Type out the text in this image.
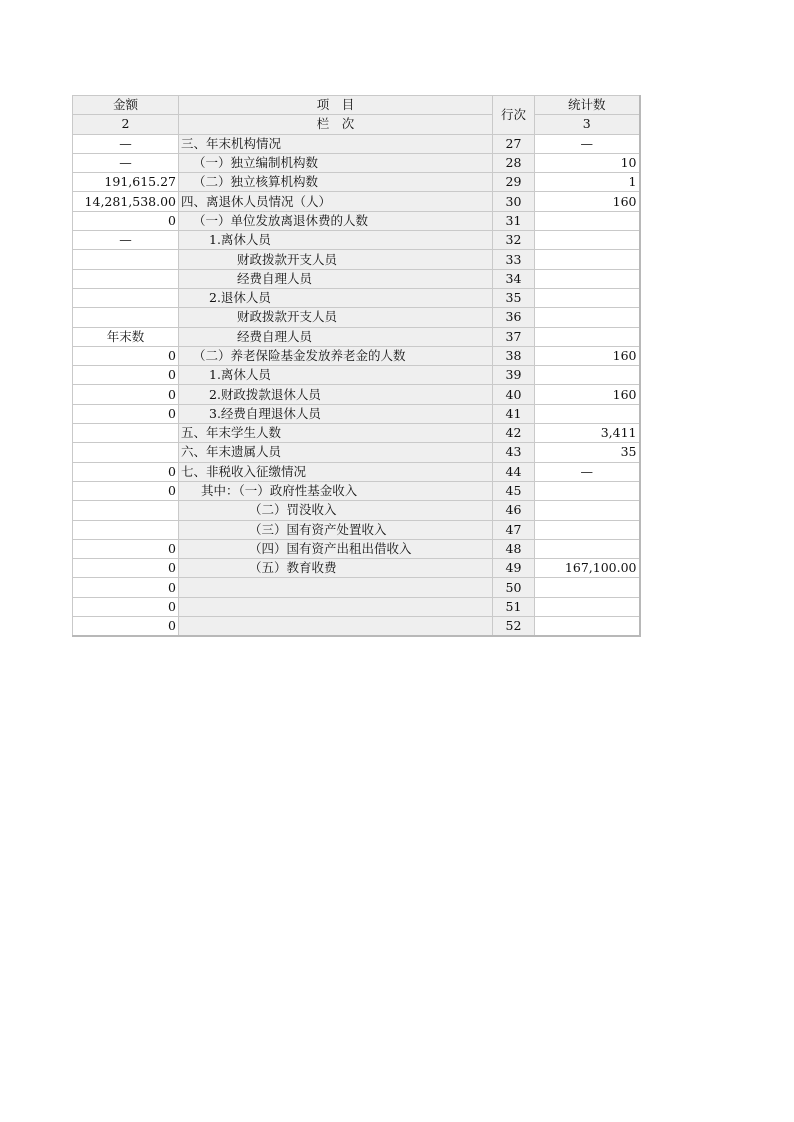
金额	项　目	行次	统计数
2	栏　次		3
—	三、年末机构情况	27	—
—	（一）独立编制机构数	28	10
191,615.27	（二）独立核算机构数	29	1
14,281,538.00	四、离退休人员情况（人）	30	160
0	（一）单位发放离退休费的人数	31	
—	1.离休人员	32	
	财政拨款开支人员	33	
	经费自理人员	34	
	2.退休人员	35	
	财政拨款开支人员	36	
年末数	经费自理人员	37	
0	（二）养老保险基金发放养老金的人数	38	160
0	1.离休人员	39	
0	2.财政拨款退休人员	40	160
0	3.经费自理退休人员	41	
	五、年末学生人数	42	3,411
	六、年末遗属人员	43	35
0	七、非税收入征缴情况	44	—
0	其中：（一）政府性基金收入	45	
	（二）罚没收入	46	
	（三）国有资产处置收入	47	
0	（四）国有资产出租出借收入	48	
0	（五）教育收费	49	167,100.00
0		50	
0		51	
0		52	
